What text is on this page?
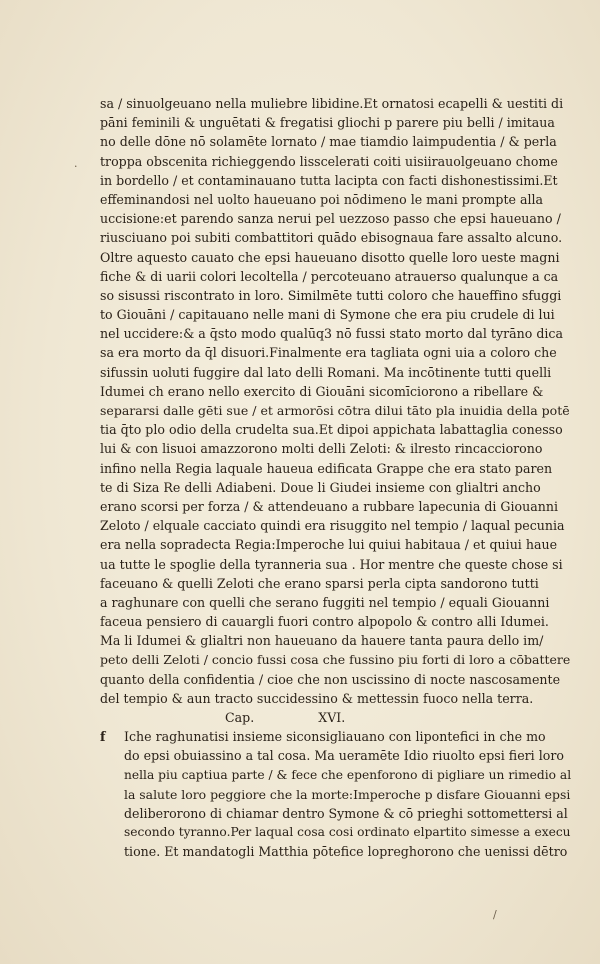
·
/
sa / sinuolgeuano nella muliebre libidine.Et ornatosi ecapelli & uestiti di
pāni feminili & unguētati & fregatisi gliochi p parere piu belli / imitaua
no delle dōne nō solamēte lornato / mae tiamdio laimpudentia / & perla
troppa obscenita richieggendo lisscelerati coiti uisiirauolgeuano chome
in bordello / et contaminauano tutta lacipta con facti dishonestissimi.Et
effeminandosi nel uolto haueuano poi nōdimeno le mani prompte alla
uccisione:et parendo sanza nerui pel uezzoso passo che epsi haueuano /
riusciuano poi subiti combattitori quādo ebisognaua fare assalto alcuno.
Oltre aquesto cauato che epsi haueuano disotto quelle loro ueste magni
fiche & di uarii colori lecoltella / percoteuano atrauerso qualunque a ca
so sisussi riscontrato in loro. Similmēte tutti coloro che haueffino sfuggi
to Giouāni / capitauano nelle mani di Symone che era piu crudele di lui
nel uccidere:& a q̄sto modo qualūq3 nō fussi stato morto dal tyrāno dica
sa era morto da q̄l disuori.Finalmente era tagliata ogni uia a coloro che
sifussin uoluti fuggire dal lato delli Romani. Ma incōtinente tutti quelli
Idumei ch erano nello exercito di Giouāni sicomīciorono a ribellare &
separarsi dalle gēti sue / et armorōsi cōtra dilui tāto pla inuidia della potē
tia q̄to plo odio della crudelta sua.Et dipoi appichata labattaglia conesso
lui & con lisuoi amazzorono molti delli Zeloti: & ilresto rincacciorono
infino nella Regia laquale haueua edificata Grappe che era stato paren
te di Siza Re delli Adiabeni. Doue li Giudei insieme con glialtri ancho
erano scorsi per forza / & attendeuano a rubbare lapecunia di Giouanni
Zeloto / elquale cacciato quindi era risuggito nel tempio / laqual pecunia
era nella sopradecta Regia:Imperoche lui quiui habitaua / et quiui haue
ua tutte le spoglie della tyranneria sua . Hor mentre che queste chose si
faceuano & quelli Zeloti che erano sparsi perla cipta sandorono tutti
a raghunare con quelli che serano fuggiti nel tempio / equali Giouanni
faceua pensiero di cauargli fuori contro alpopolo & contro alli Idumei.
Ma li Idumei & glialtri non haueuano da hauere tanta paura dello im/
peto delli Zeloti / concio fussi cosa che fussino piu forti di loro a cōbattere
quanto della confidentia / cioe che non uscissino di nocte nascosamente
del tempio & aun tracto succidessino & mettessin fuoco nella terra.
Cap.	XVI.
f Iche raghunatisi insieme siconsigliauano con lipontefici in che mo
do epsi obuiassino a tal cosa. Ma ueramēte Idio riuolto epsi fieri loro
nella piu captiua parte / & fece che epenforono di pigliare un rimedio al
la salute loro peggiore che la morte:Imperoche p disfare Giouanni epsi
deliberorono di chiamar dentro Symone & cō prieghi sottomettersi al
secondo tyranno.Per laqual cosa cosi ordinato elpartito simesse a execu
tione. Et mandatogli Matthia pōtefice lopreghorono che uenissi dētro
